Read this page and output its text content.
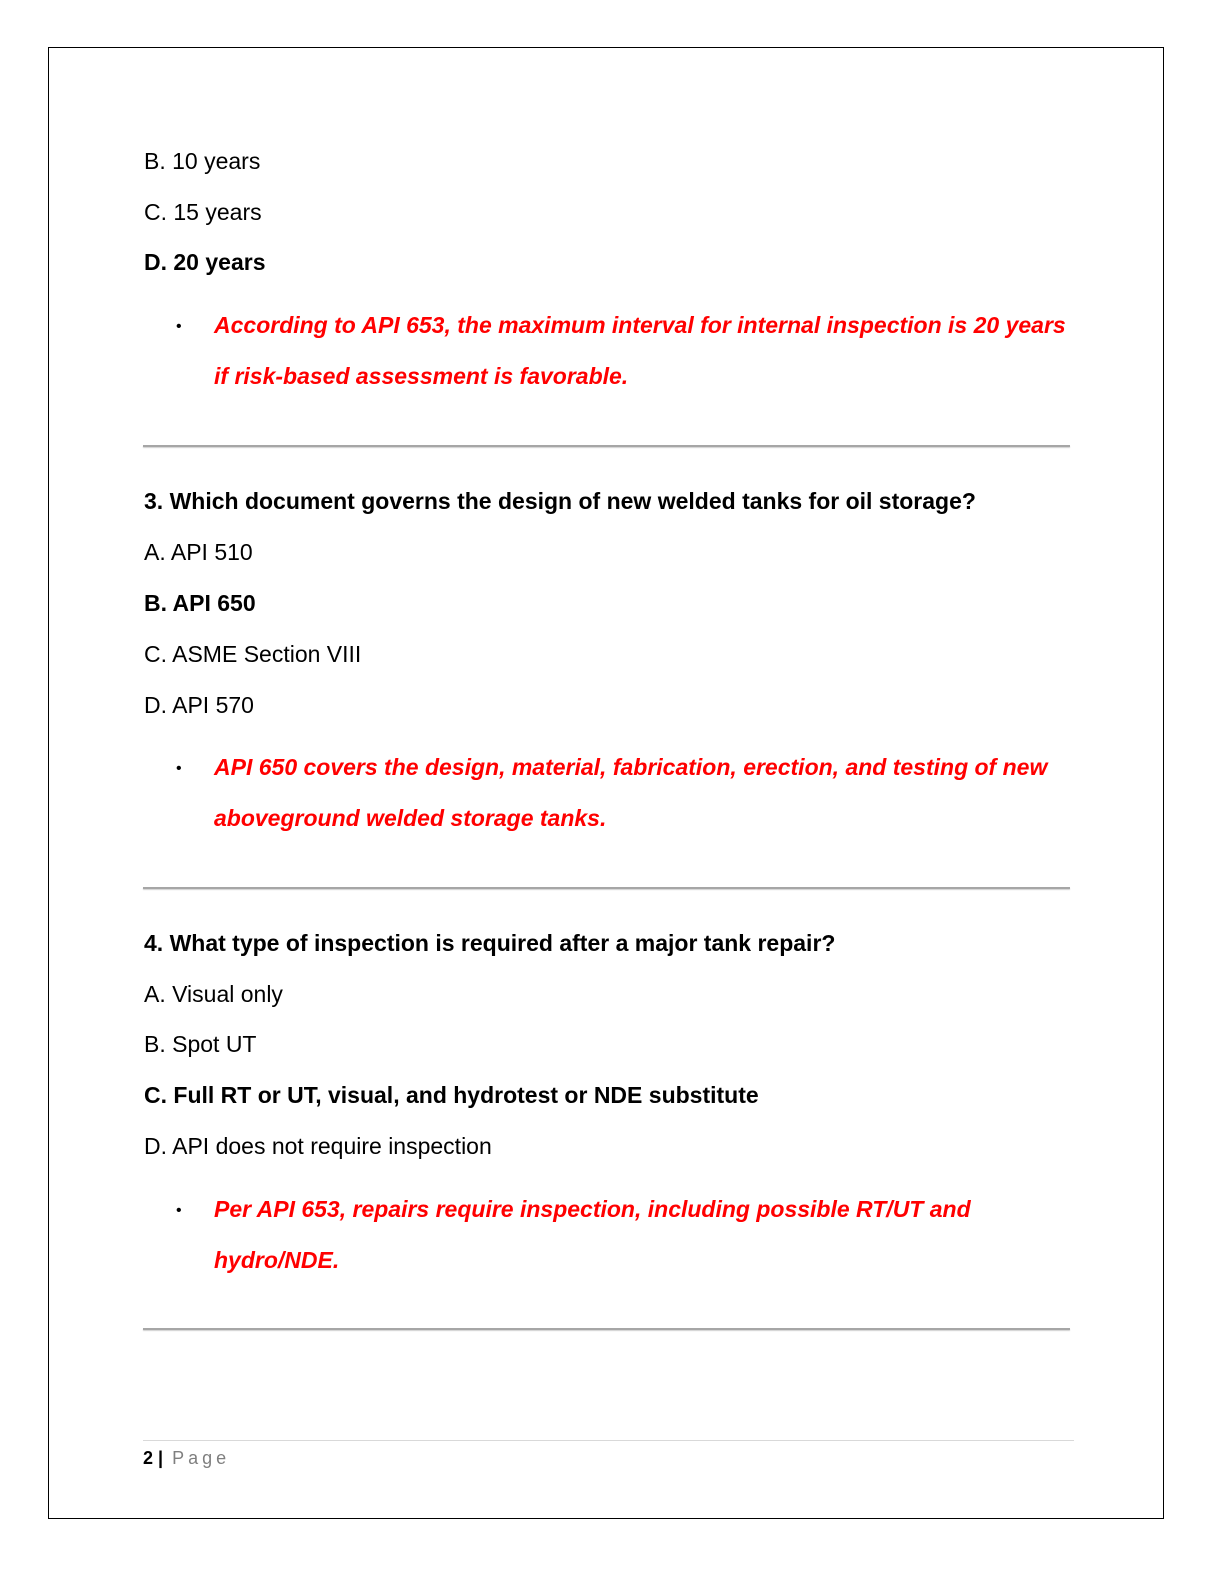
B. 10 years
C. 15 years
D. 20 years
• According to API 653, the maximum interval for internal inspection is 20 years if risk-based assessment is favorable.
3. Which document governs the design of new welded tanks for oil storage?
A. API 510
B. API 650
C. ASME Section VIII
D. API 570
• API 650 covers the design, material, fabrication, erection, and testing of new aboveground welded storage tanks.
4. What type of inspection is required after a major tank repair?
A. Visual only
B. Spot UT
C. Full RT or UT, visual, and hydrotest or NDE substitute
D. API does not require inspection
• Per API 653, repairs require inspection, including possible RT/UT and hydro/NDE.
2 | Page
